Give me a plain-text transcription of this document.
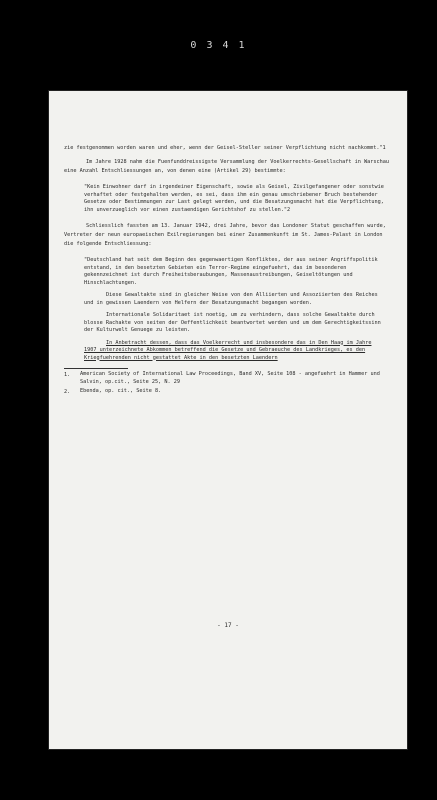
0 3 4 1

zie festgenommen worden waren und eher, wenn der Geisel-Steller seiner Verpflichtung nicht nachkommt."1

Im Jahre 1928 nahm die Fuenfunddreissigste Versammlung der Voelkerrechts-Gesellschaft in Warschau eine Anzahl Entschliessungen an, von denen eine (Artikel 29) bestimmte:

"Kein Einwohner darf in irgendeiner Eigenschaft, sowie als Geisel, Zivilgefangener oder sonstwie verhaftet oder festgehalten werden, es sei, dass ihm ein genau umschriebener Bruch bestehender Gesetze oder Bestimmungen zur Last gelegt werden, und die Besatzungsmacht hat die Verpflichtung, ihn unverzueglich vor einen zustaendigen Gerichtshof zu stellen."2

Schliesslich fassten am 13. Januar 1942, drei Jahre, bevor das Londoner Statut geschaffen wurde, Vertreter der neun europaeischen Exilregierungen bei einer Zusammenkunft im St. James-Palast in London die folgende Entschliessung:

"Deutschland hat seit dem Beginn des gegenwaertigen Konfliktes, der aus seiner Angriffspolitik entstand, in den besetzten Gebieten ein Terror-Regime eingefuehrt, das im besonderen gekennzeichnet ist durch Freiheitsberaubungen, Massenaustreibungen, Geiseltötungen und Hinschlachtungen.

Diese Gewaltakte sind in gleicher Weise von den Alliierten und Assoziierten des Reiches und in gewissen Laendern von Helfern der Besatzungsmacht begangen worden.

Internationale Solidaritaet ist noetig, um zu verhindern, dass solche Gewaltakte durch blosse Rachakte von seiten der Oeffentlichkeit beantwortet werden und um dem Gerechtigkeitssinn der Kulturwelt Genuege zu leisten.

In Anbetracht dessen, dass das Voelkerrecht und insbesondere das in Den Haag im Jahre 1907 unterzeichnete Abkommen betreffend die Gesetze und Gebraeuche des Landkrieges, es den Kriegfuehrenden nicht gestattet Akte in den besetzten Laendern

1.	American Society of International Law Proceedings, Band XV, Seite 108 - angefuehrt in Hammer und Salvin, op.cit., Seite 25, N. 29
2.	Ebenda, op. cit., Seite 8.
- 17 -
